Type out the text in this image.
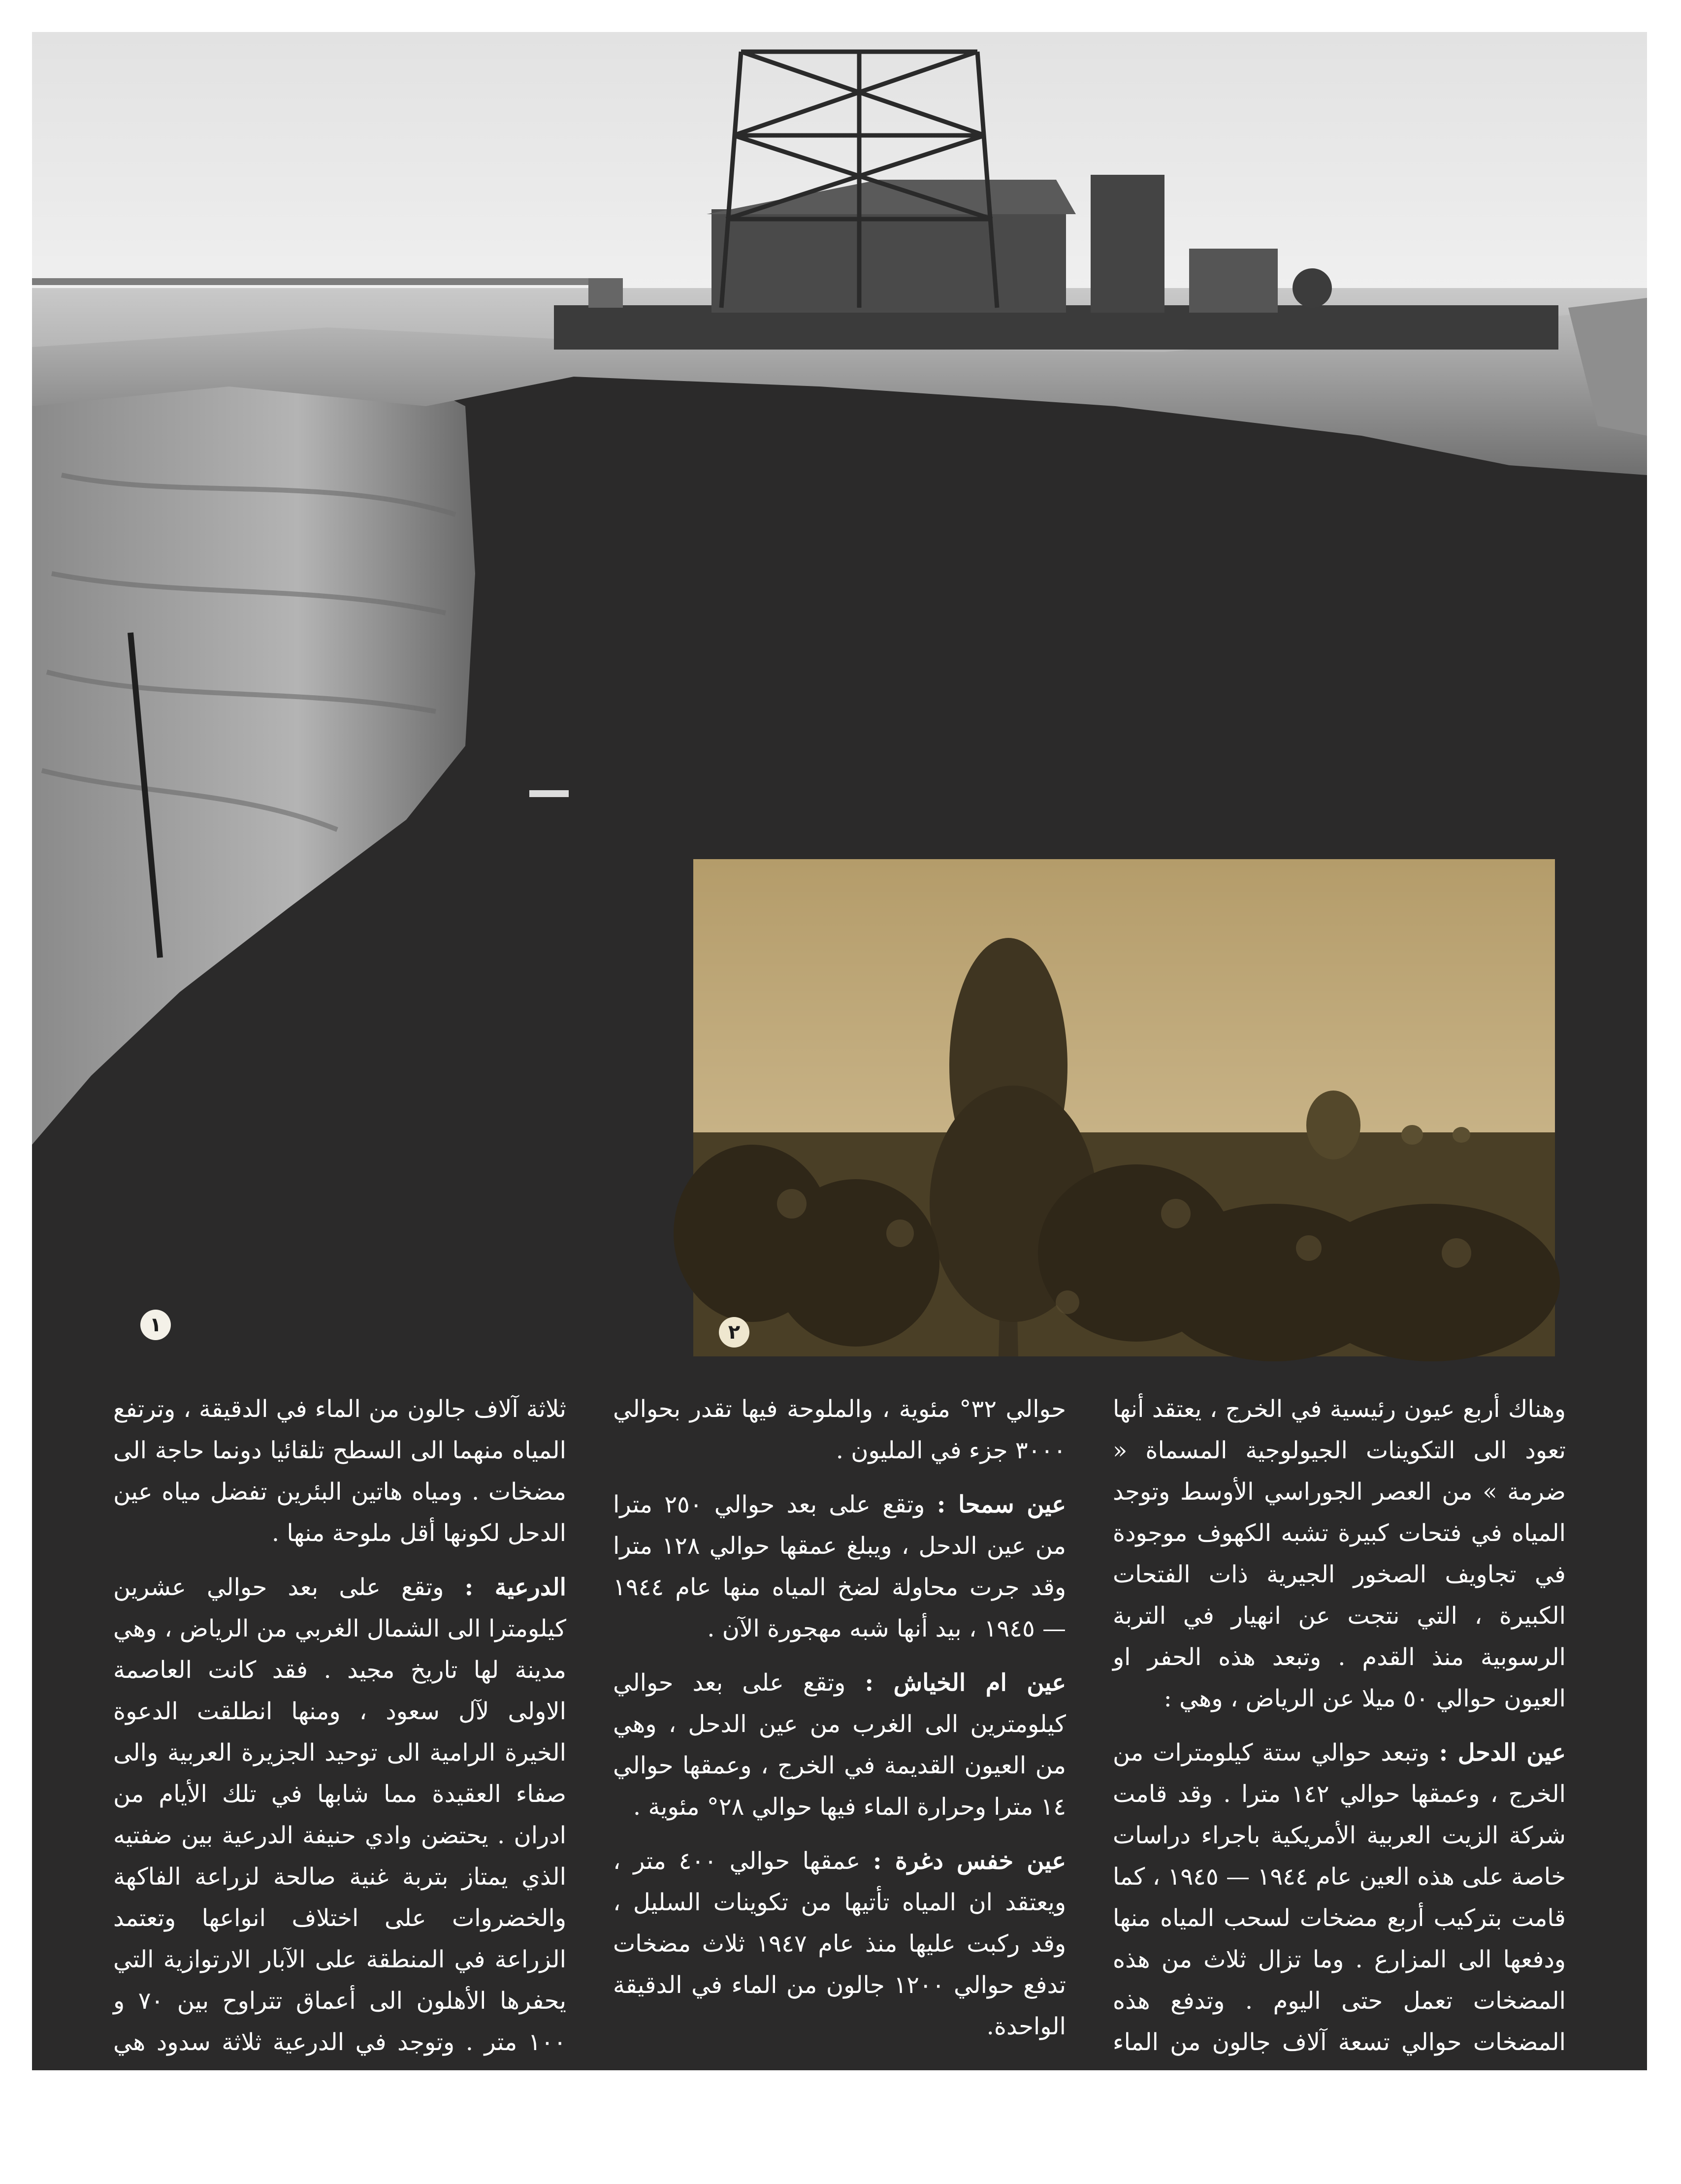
١	٢

وهناك أربع عيون رئيسية في الخرج ، يعتقد أنها تعود الى التكوينات الجيولوجية المسماة « ضرمة » من العصر الجوراسي الأوسط وتوجد المياه في فتحات كبيرة تشبه الكهوف موجودة في تجاويف الصخور الجيرية ذات الفتحات الكبيرة ، التي نتجت عن انهيار في التربة الرسوبية منذ القدم . وتبعد هذه الحفر او العيون حوالي ٥٠ ميلا عن الرياض ، وهي :

عين الدحل : وتبعد حوالي ستة كيلومترات من الخرج ، وعمقها حوالي ١٤٢ مترا . وقد قامت شركة الزيت العربية الأمريكية باجراء دراسات خاصة على هذه العين عام ١٩٤٤ — ١٩٤٥ ، كما قامت بتركيب أربع مضخات لسحب المياه منها ودفعها الى المزارع . وما تزال ثلاث من هذه المضخات تعمل حتى اليوم . وتدفع هذه المضخات حوالي تسعة آلاف جالون من الماء في الدقيقة

حوالي ٣٢° مئوية ، والملوحة فيها تقدر بحوالي ٣٠٠٠ جزء في المليون .

عين سمحا : وتقع على بعد حوالي ٢٥٠ مترا من عين الدحل ، ويبلغ عمقها حوالي ١٢٨ مترا وقد جرت محاولة لضخ المياه منها عام ١٩٤٤ — ١٩٤٥ ، بيد أنها شبه مهجورة الآن .

عين ام الخياش : وتقع على بعد حوالي كيلومترين الى الغرب من عين الدحل ، وهي من العيون القديمة في الخرج ، وعمقها حوالي ١٤ مترا وحرارة الماء فيها حوالي ٢٨° مئوية .

عين خفس دغرة : عمقها حوالي ٤٠٠ متر ، ويعتقد ان المياه تأتيها من تكوينات السليل ، وقد ركبت عليها منذ عام ١٩٤٧ ثلاث مضخات تدفع حوالي ١٢٠٠ جالون من الماء في الدقيقة الواحدة.

هذا ، وقد قامت وزارتا الزراعة والمياه ، والدفاع بحفر بئرين عميقتين في الخرج الى عمق

ثلاثة آلاف جالون من الماء في الدقيقة ، وترتفع المياه منهما الى السطح تلقائيا دونما حاجة الى مضخات . ومياه هاتين البئرين تفضل مياه عين الدحل لكونها أقل ملوحة منها .

الدرعية : وتقع على بعد حوالي عشرين كيلومترا الى الشمال الغربي من الرياض ، وهي مدينة لها تاريخ مجيد . فقد كانت العاصمة الاولى لآل سعود ، ومنها انطلقت الدعوة الخيرة الرامية الى توحيد الجزيرة العربية والى صفاء العقيدة مما شابها في تلك الأيام من ادران . يحتضن وادي حنيفة الدرعية بين ضفتيه الذي يمتاز بتربة غنية صالحة لزراعة الفاكهة والخضروات على اختلاف انواعها وتعتمد الزراعة في المنطقة على الآبار الارتوازية التي يحفرها الأهلون الى أعماق تتراوح بين ٧٠ و ١٠٠ متر . وتوجد في الدرعية ثلاثة سدود هي سد « صفار » على وادي صفار ، وسعته
